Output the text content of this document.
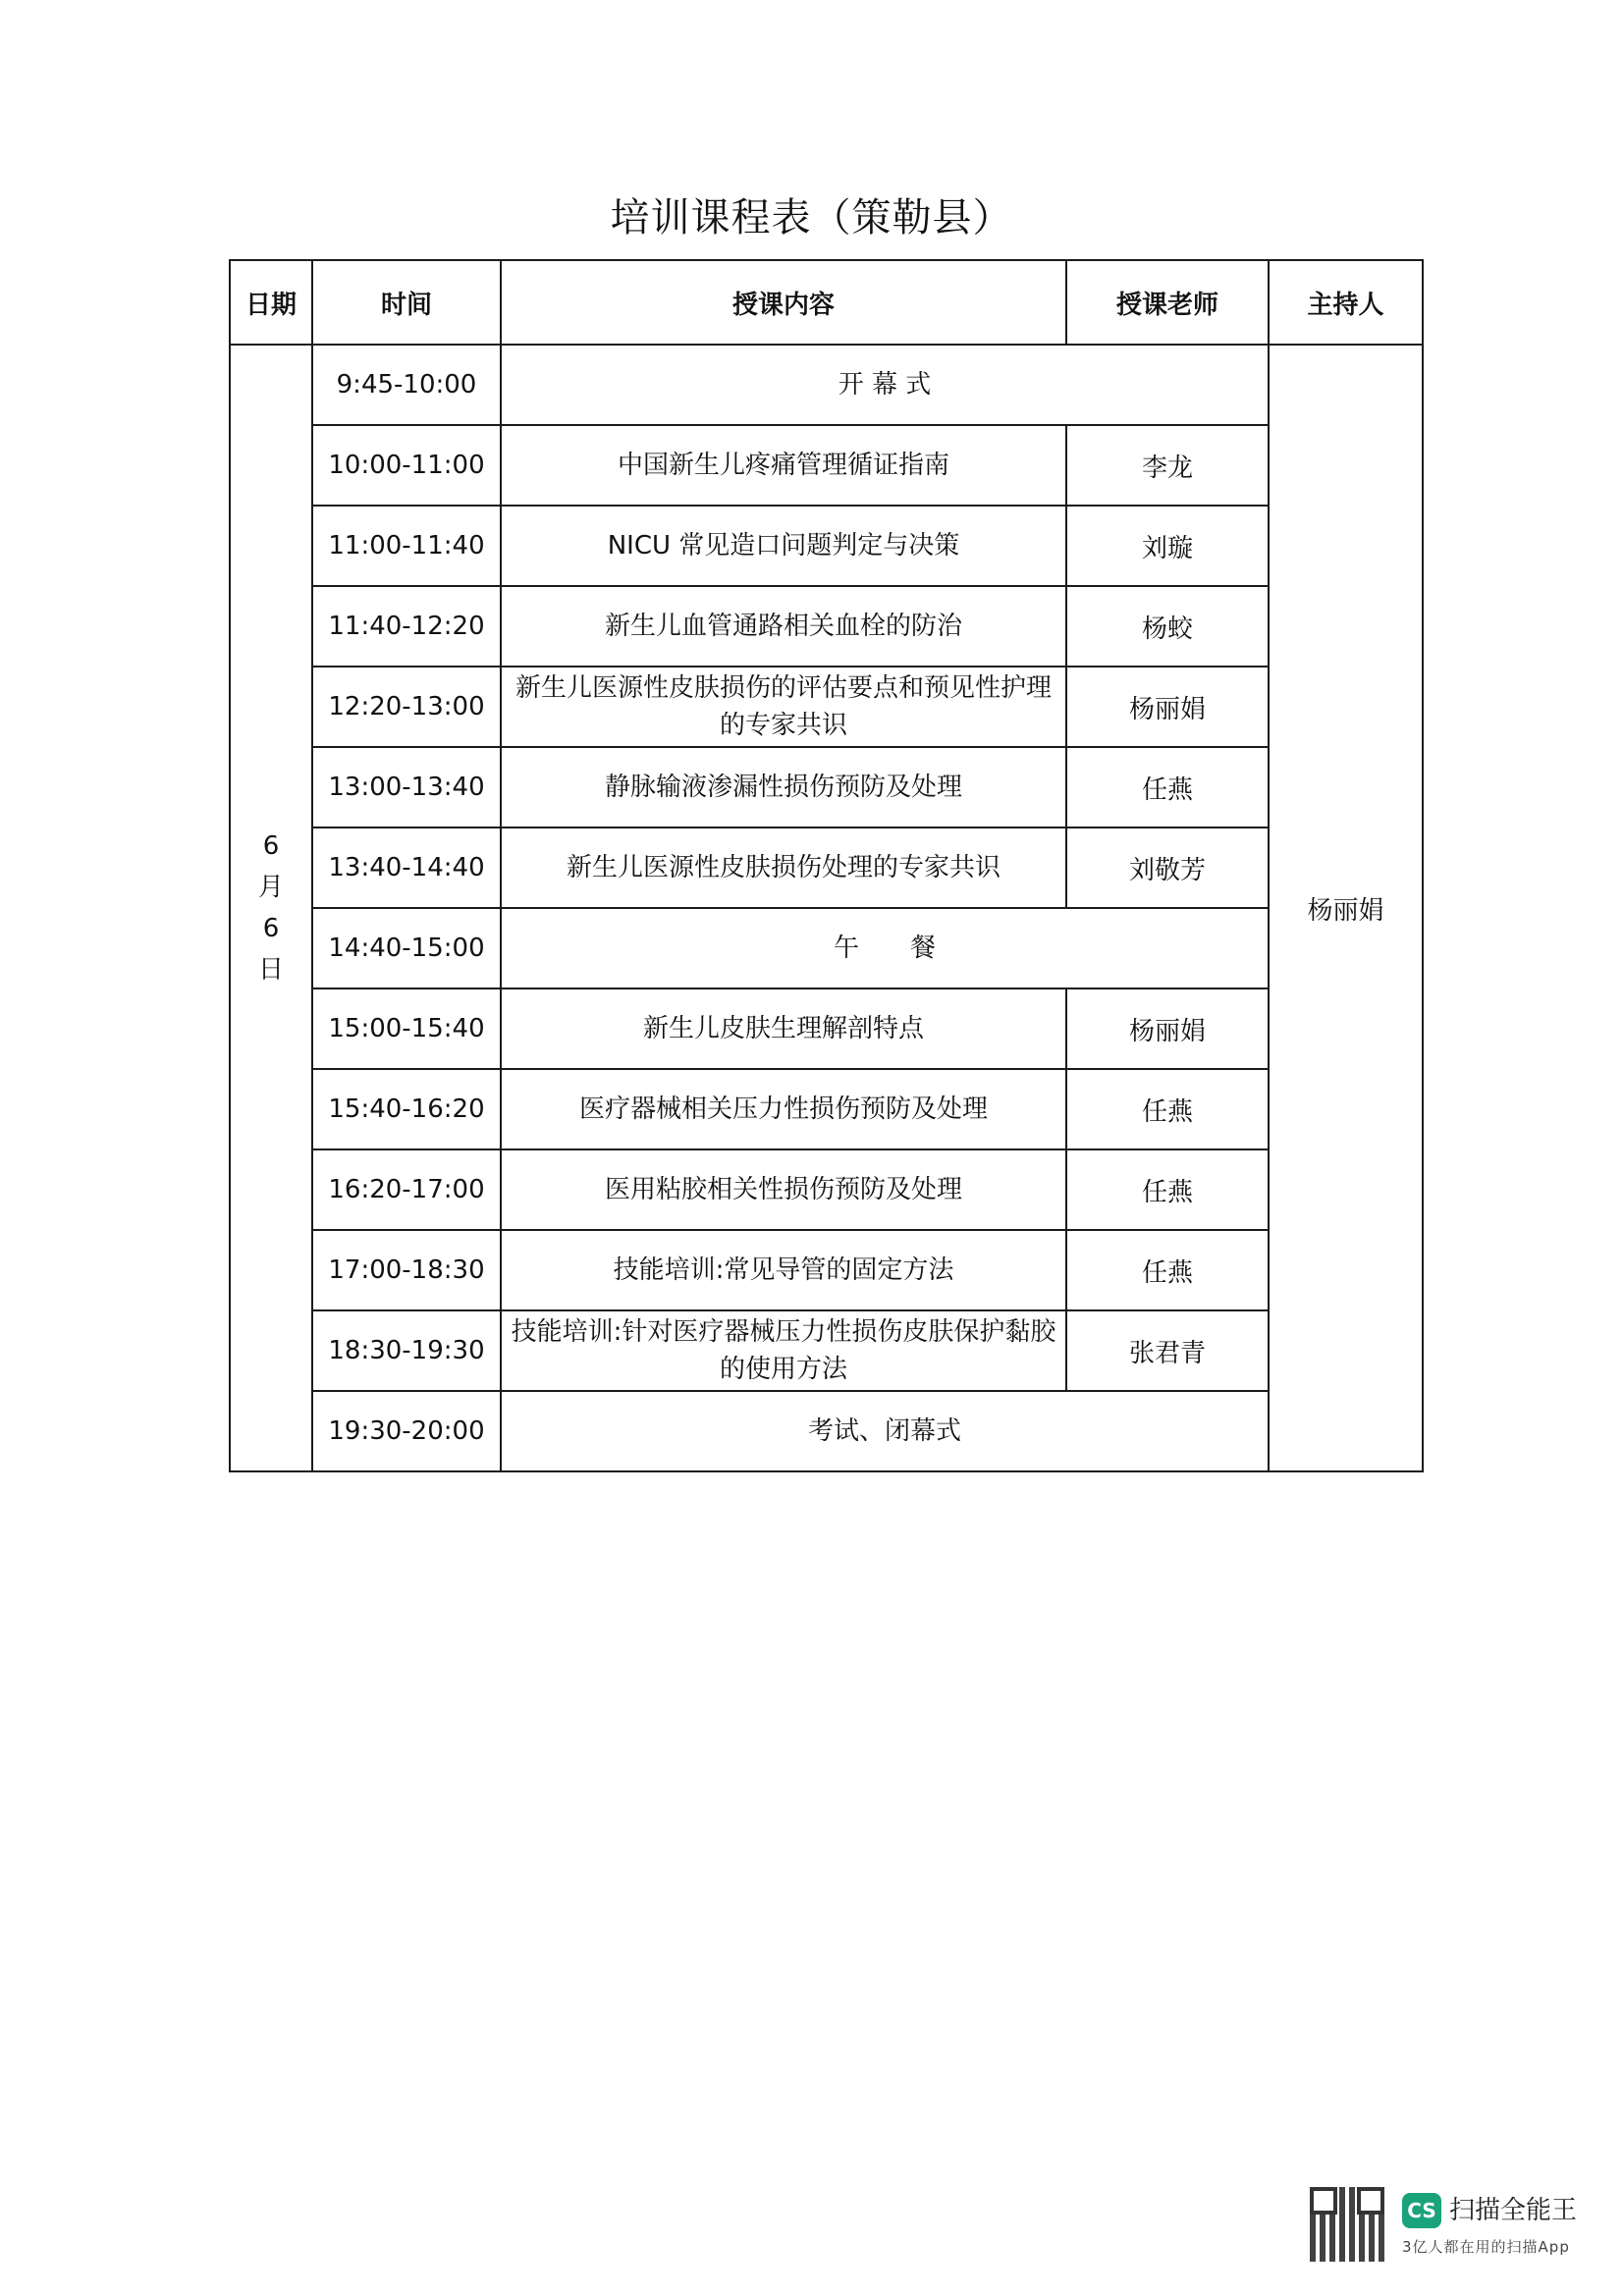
培训课程表（策勒县）
日期	时间	授课内容	授课老师	主持人
6
月
6
日	9:45-10:00	开 幕 式		杨丽娟
	10:00-11:00	中国新生儿疼痛管理循证指南	李龙	
	11:00-11:40	NICU 常见造口问题判定与决策	刘璇	
	11:40-12:20	新生儿血管通路相关血栓的防治	杨蛟	
	12:20-13:00	新生儿医源性皮肤损伤的评估要点和预见性护理的专家共识	杨丽娟	
	13:00-13:40	静脉输液渗漏性损伤预防及处理	任燕	
	13:40-14:40	新生儿医源性皮肤损伤处理的专家共识	刘敬芳	
	14:40-15:00	午　　餐		
	15:00-15:40	新生儿皮肤生理解剖特点	杨丽娟	
	15:40-16:20	医疗器械相关压力性损伤预防及处理	任燕	
	16:20-17:00	医用粘胶相关性损伤预防及处理	任燕	
	17:00-18:30	技能培训:常见导管的固定方法	任燕	
	18:30-19:30	技能培训:针对医疗器械压力性损伤皮肤保护黏胶的使用方法	张君青	
	19:30-20:00	考试、闭幕式		
CS 扫描全能王
3亿人都在用的扫描App
